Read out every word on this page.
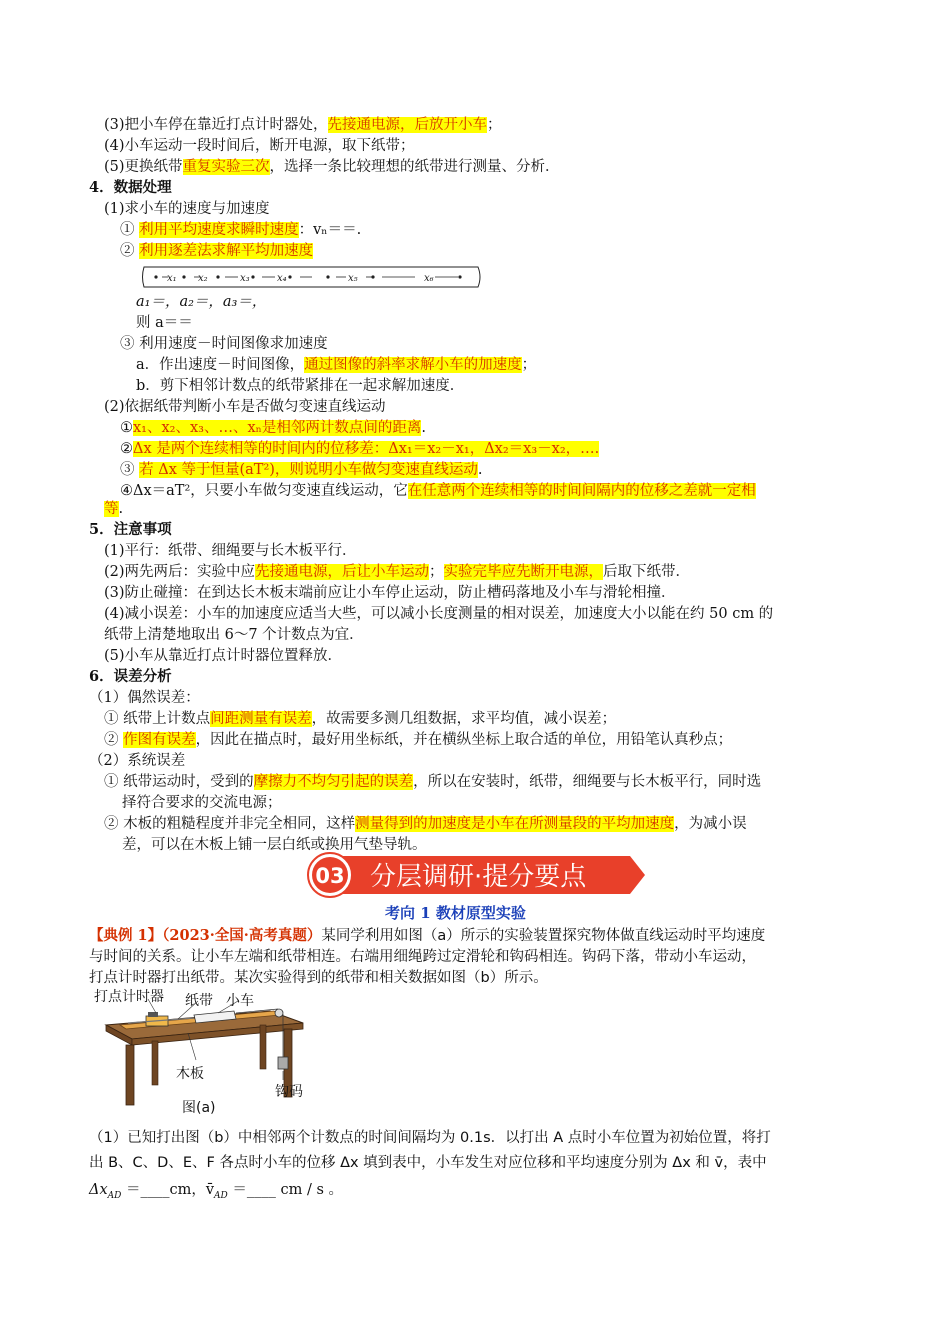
(3)把小车停在靠近打点计时器处，先接通电源，后放开小车；
(4)小车运动一段时间后，断开电源，取下纸带；
(5)更换纸带重复实验三次，选择一条比较理想的纸带进行测量、分析．
4．数据处理
(1)求小车的速度与加速度
① 利用平均速度求瞬时速度：vₙ＝＝.
② 利用逐差法求解平均加速度
x₁ x₂	x₃	x₄	x₅	x₆
a₁＝，a₂＝，a₃＝，
则 a＝＝
③ 利用速度－时间图像求加速度
a．作出速度－时间图像，通过图像的斜率求解小车的加速度；
b．剪下相邻计数点的纸带紧排在一起求解加速度．
(2)依据纸带判断小车是否做匀变速直线运动
①x₁、x₂、x₃、…、xₙ是相邻两计数点间的距离.
②Δx 是两个连续相等的时间内的位移差：Δx₁＝x₂－x₁，Δx₂＝x₃－x₂，….
③ 若 Δx 等于恒量(aT²)，则说明小车做匀变速直线运动.
④Δx＝aT²，只要小车做匀变速直线运动，它在任意两个连续相等的时间间隔内的位移之差就一定相
等.
5．注意事项
(1)平行：纸带、细绳要与长木板平行．
(2)两先两后：实验中应先接通电源，后让小车运动；实验完毕应先断开电源，后取下纸带．
(3)防止碰撞：在到达长木板末端前应让小车停止运动，防止槽码落地及小车与滑轮相撞．
(4)减小误差：小车的加速度应适当大些，可以减小长度测量的相对误差，加速度大小以能在约 50 cm 的
纸带上清楚地取出 6～7 个计数点为宜．
(5)小车从靠近打点计时器位置释放．
6．误差分析
（1）偶然误差：
① 纸带上计数点间距测量有误差，故需要多测几组数据，求平均值，减小误差；
② 作图有误差，因此在描点时，最好用坐标纸，并在横纵坐标上取合适的单位，用铅笔认真秒点；
（2）系统误差
① 纸带运动时，受到的摩擦力不均匀引起的误差，所以在安装时，纸带，细绳要与长木板平行，同时选
择符合要求的交流电源；
② 木板的粗糙程度并非完全相同，这样测量得到的加速度是小车在所测量段的平均加速度，为减小误
差，可以在木板上铺一层白纸或换用气垫导轨。
03 分层调研·提分要点
考向 1 教材原型实验
【典例 1】（2023·全国·高考真题）某同学利用如图（a）所示的实验装置探究物体做直线运动时平均速度
与时间的关系。让小车左端和纸带相连。右端用细绳跨过定滑轮和钩码相连。钩码下落，带动小车运动，
打点计时器打出纸带。某次实验得到的纸带和相关数据如图（b）所示。
打点计时器 纸带 小车
木板
钩码
图(a)
（1）已知打出图（b）中相邻两个计数点的时间间隔均为 0.1s．以打出 A 点时小车位置为初始位置，将打
出 B、C、D、E、F 各点时小车的位移 Δx 填到表中，小车发生对应位移和平均速度分别为 Δx 和 v̄，表中
$\Delta x_{AD}$ ＝____cm，$v̄_{AD}$ ＝____ cm / s 。
